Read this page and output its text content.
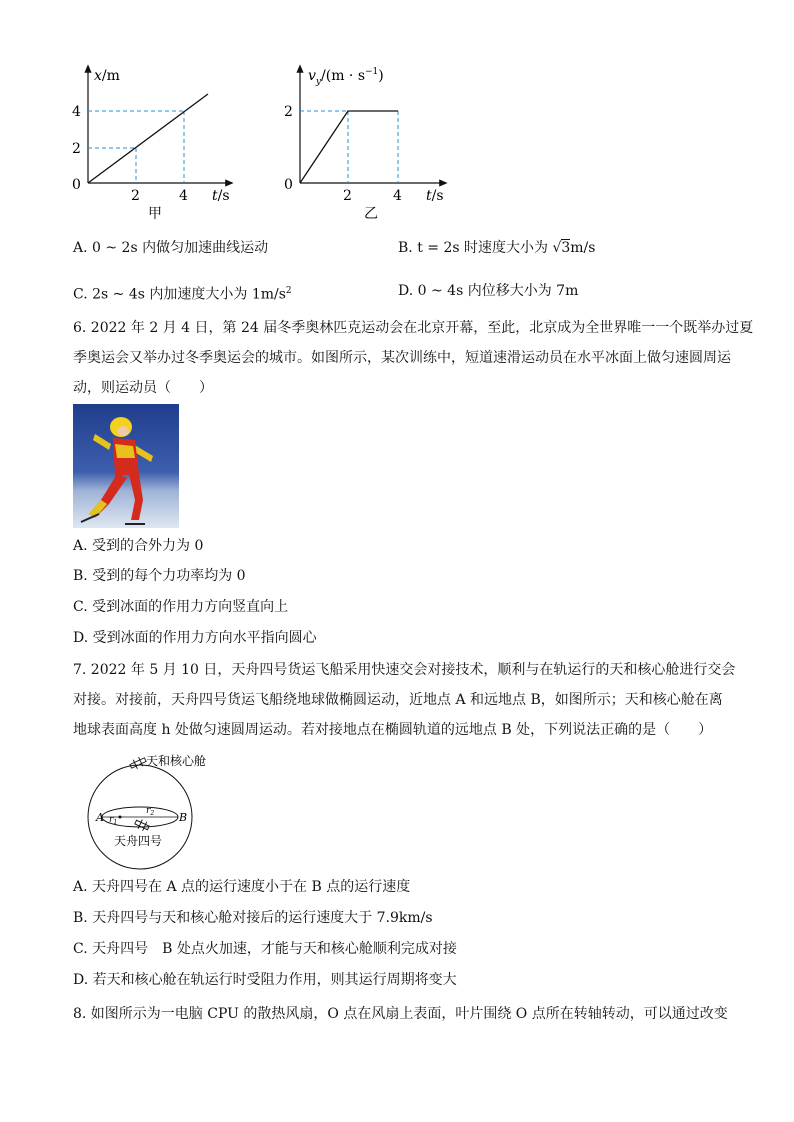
x/m
4
2
0
2	4 t/s
甲
$v_y/(m \cdot s^{-1})$
2
0
2	4 t/s
乙
A. 0 ~ 2s 内做匀加速曲线运动	B. t = 2s 时速度大小为 √3m/s
C. 2s ~ 4s 内加速度大小为 $1m/s^2$	D. 0 ~ 4s 内位移大小为 7m
6. 2022 年 2 月 4 日，第 24 届冬季奥林匹克运动会在北京开幕，至此，北京成为全世界唯一一个既举办过夏
季奥运会又举办过冬季奥运会的城市。如图所示，某次训练中，短道速滑运动员在水平冰面上做匀速圆周运
动，则运动员（　　）
A. 受到的合外力为 0
B. 受到的每个力功率均为 0
C. 受到冰面的作用力方向竖直向上
D. 受到冰面的作用力方向水平指向圆心
7. 2022 年 5 月 10 日，天舟四号货运飞船采用快速交会对接技术，顺利与在轨运行的天和核心舱进行交会
对接。对接前，天舟四号货运飞船绕地球做椭圆运动，近地点 A 和远地点 B，如图所示；天和核心舱在离
地球表面高度 h 处做匀速圆周运动。若对接地点在椭圆轨道的远地点 B 处，下列说法正确的是（　　）
天和核心舱
A	B
$r_1$
$r_2$
天舟四号
A. 天舟四号在 A 点的运行速度小于在 B 点的运行速度
B. 天舟四号与天和核心舱对接后的运行速度大于 7.9km/s
C. 天舟四号　B 处点火加速，才能与天和核心舱顺利完成对接
D. 若天和核心舱在轨运行时受阻力作用，则其运行周期将变大
8. 如图所示为一电脑 CPU 的散热风扇，O 点在风扇上表面，叶片围绕 O 点所在转轴转动，可以通过改变
